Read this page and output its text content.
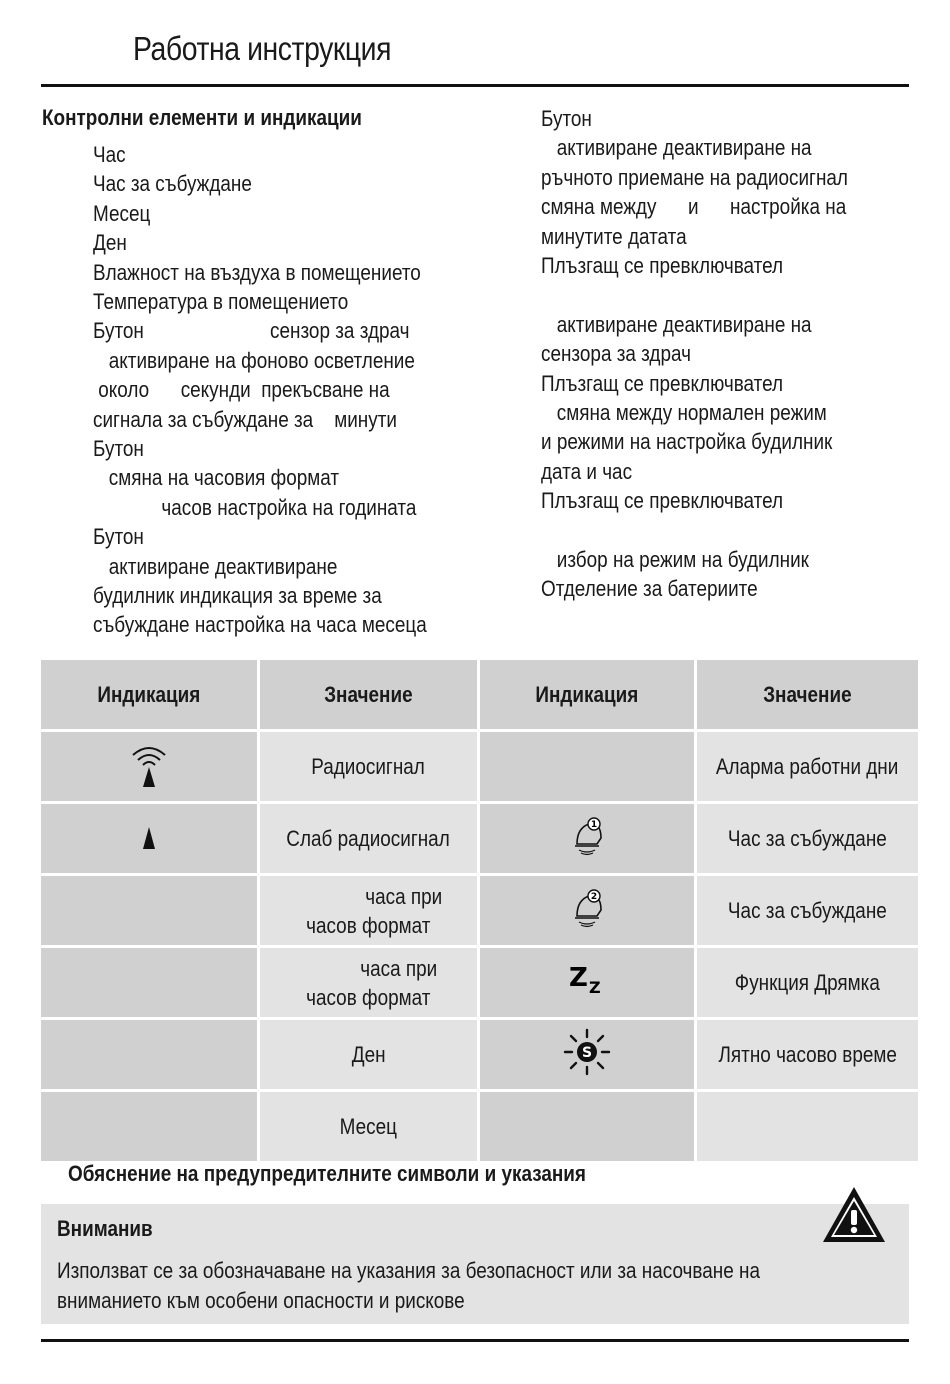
Работна инструкция
Контролни елементи и индикации
Час
Час за събуждане
Месец
Ден
Влажност на въздуха в помещението
Температура в помещението
Бутон                        сензор за здрач
активиране на фоново осветление
около      секунди  прекъсване на
сигнала за събуждане за    минути
Бутон
смяна на часовия формат
часов настройка на годината
Бутон
активиране деактивиране
будилник индикация за време за
събуждане настройка на часа месеца
Бутон
активиране деактивиране на
ръчното приемане на радиосигнал
смяна между      и      настройка на
минутите датата
Плъзгащ се превключвател
активиране деактивиране на
сензора за здрач
Плъзгащ се превключвател
смяна между нормален режим
и режими на настройка будилник
дата и час
Плъзгащ се превключвател
избор на режим на будилник
Отделение за батериите
Индикация	Значение	Индикация	Значение
	Радиосигнал		Аларма работни дни
	Слаб радиосигнал	1	Час за събуждане
	часа при
часов формат	2	Час за събуждане
	часа при
часов формат	Z Z	Функция Дрямка
	Ден	S	Лятно часово време
	Месец		
Обяснение на предупредителните символи и указания
Вниманив
Използват се за обозначаване на указания за безопасност или за насочване на
вниманието към особени опасности и рискове
